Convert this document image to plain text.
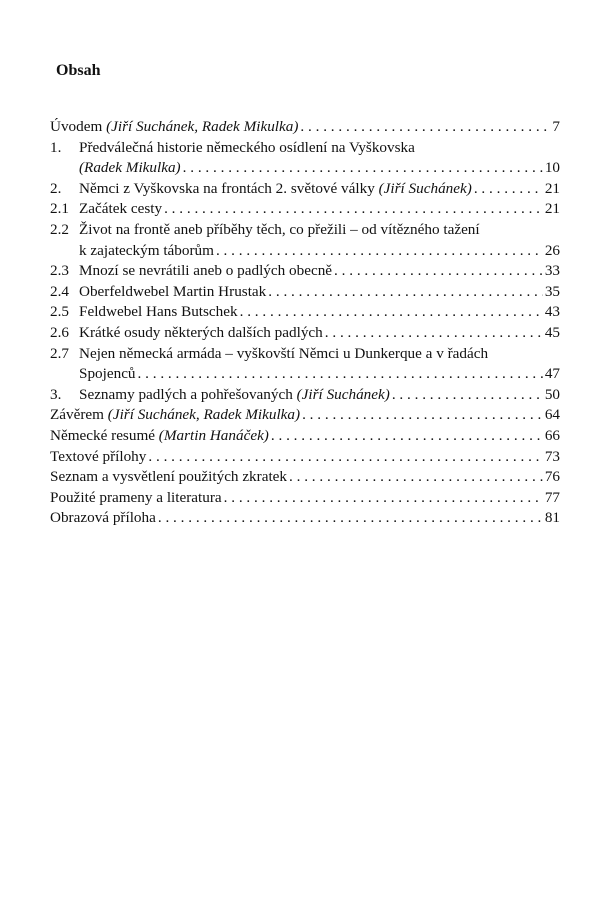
Obsah
Úvodem (Jiří Suchánek, Radek Mikulka) . . .	7
1. Předválečná historie německého osídlení na Vyškovska
(Radek Mikulka) . . .	10
2.	Němci z Vyškovska na frontách 2. světové války (Jiří Suchánek) . . .	21
2.1 Začátek cesty . . .	21
2.2 Život na frontě aneb příběhy těch, co přežili – od vítězného tažení
k zajateckým táborům . . .	26
2.3 Mnozí se nevrátili aneb o padlých obecně . . .	33
2.4 Oberfeldwebel Martin Hrustak . . .	35
2.5 Feldwebel Hans Butschek . . .	43
2.6 Krátké osudy některých dalších padlých . . .	45
2.7 Nejen německá armáda – vyškovští Němci u Dunkerque a v řadách
Spojenců . . .	47
3.	Seznamy padlých a pohřešovaných (Jiří Suchánek) . . .	50
Závěrem (Jiří Suchánek, Radek Mikulka) . . .	64
Německé resumé (Martin Hanáček) . . .	66
Textové přílohy . . .	73
Seznam a vysvětlení použitých zkratek . . .	76
Použité prameny a literatura . . .	77
Obrazová příloha . . .	81
